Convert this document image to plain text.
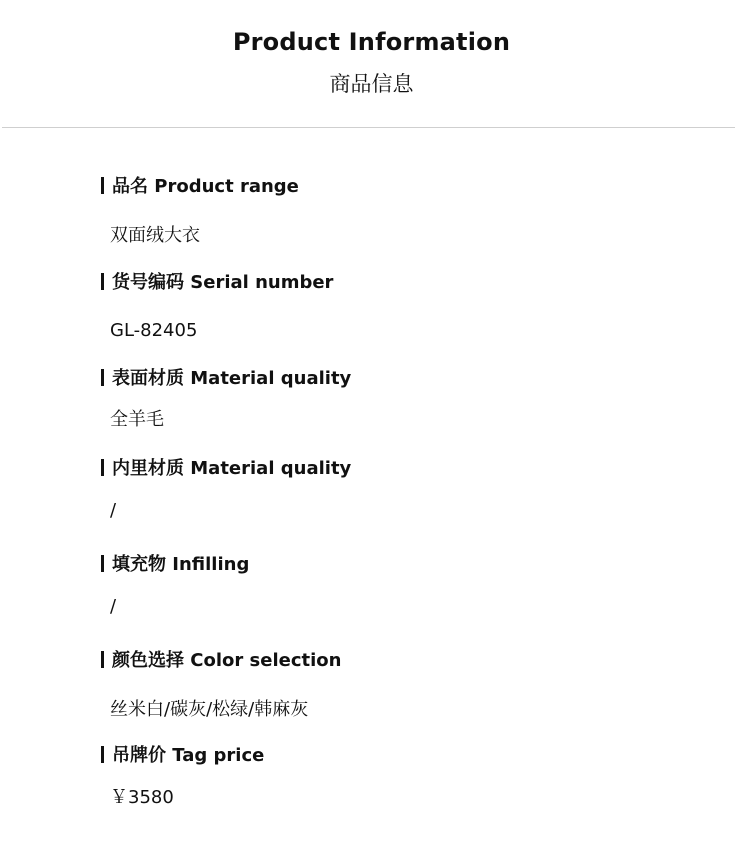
Product Information
商品信息
品名 Product range
双面绒大衣
货号编码 Serial number
GL-82405
表面材质 Material quality
全羊毛
内里材质 Material quality
/
填充物 Infilling
/
颜色选择 Color selection
丝米白/碳灰/松绿/韩麻灰
吊牌价 Tag price
￥3580
